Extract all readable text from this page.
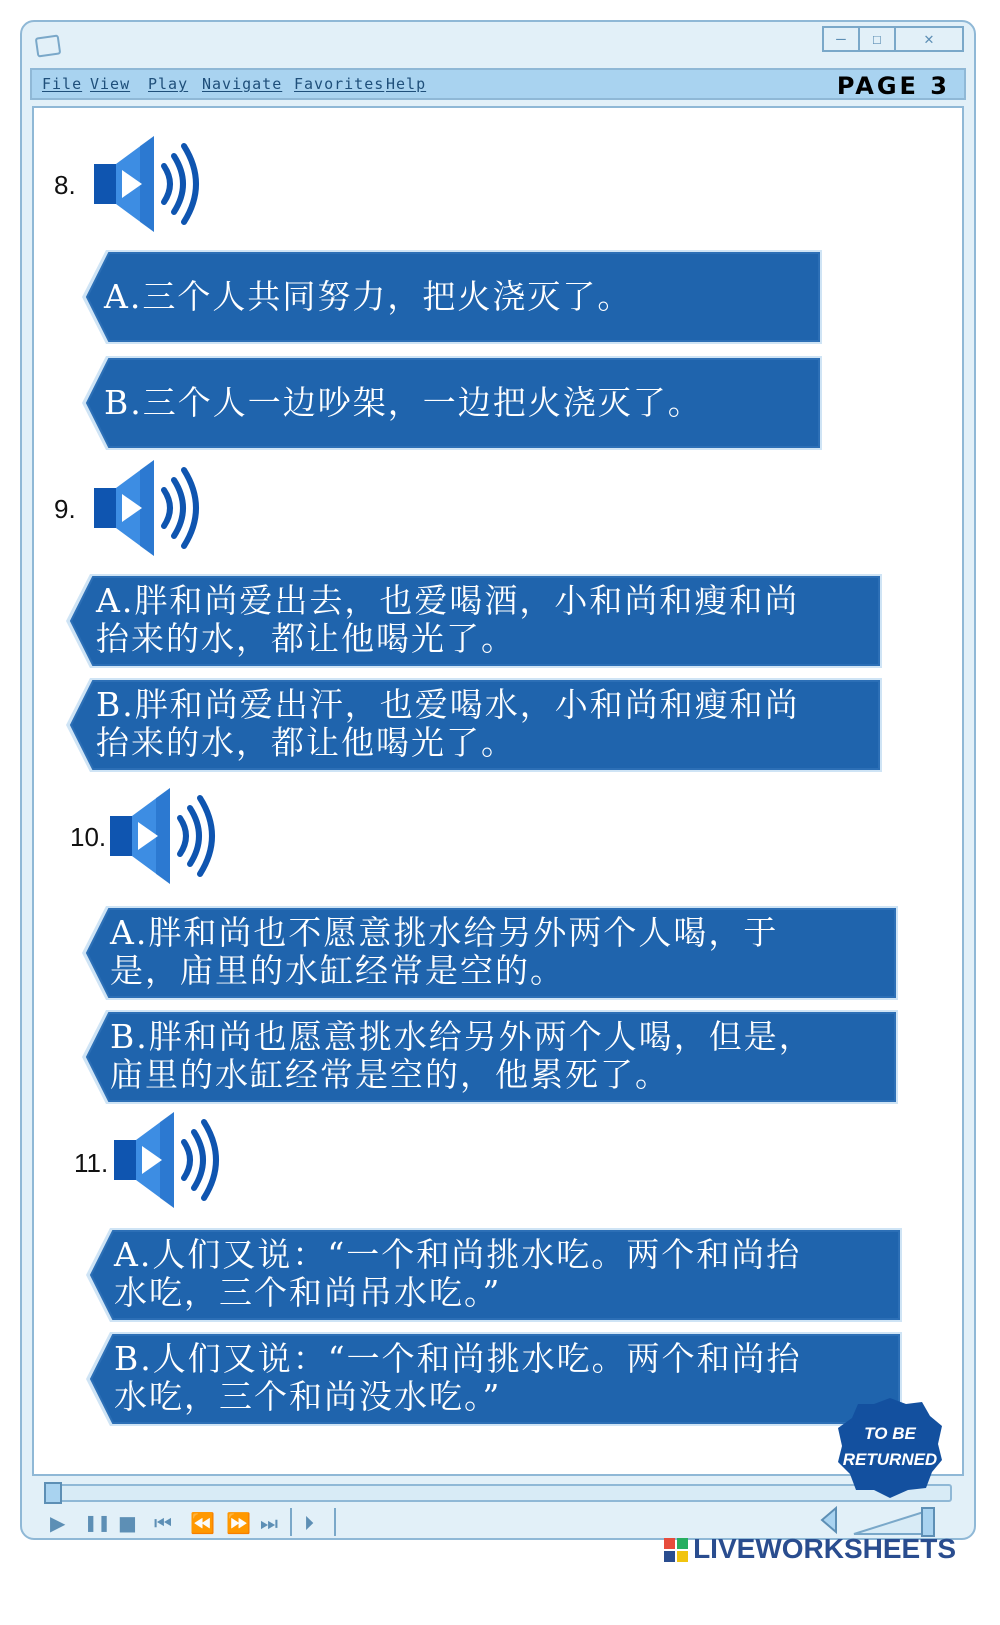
—	☐	✕
File View Play Navigate Favorites Help	PAGE 3
8.
A.三个人共同努力，把火浇灭了。
B.三个人一边吵架，一边把火浇灭了。
9.
A.胖和尚爱出去，也爱喝酒，小和尚和瘦和尚
抬来的水，都让他喝光了。
B.胖和尚爱出汗，也爱喝水，小和尚和瘦和尚
抬来的水，都让他喝光了。
10.
A.胖和尚也不愿意挑水给另外两个人喝，于
是，庙里的水缸经常是空的。
B.胖和尚也愿意挑水给另外两个人喝，但是，
庙里的水缸经常是空的，他累死了。
11.
A.人们又说：“一个和尚挑水吃。两个和尚抬
水吃，三个和尚吊水吃。”
B.人们又说：“一个和尚挑水吃。两个和尚抬
水吃，三个和尚没水吃。”
▶ ❚❚ ■ ⏮ ⏪ ⏩ ⏭ ⏵
TO BE
RETURNED
LIVEWORKSHEETS
